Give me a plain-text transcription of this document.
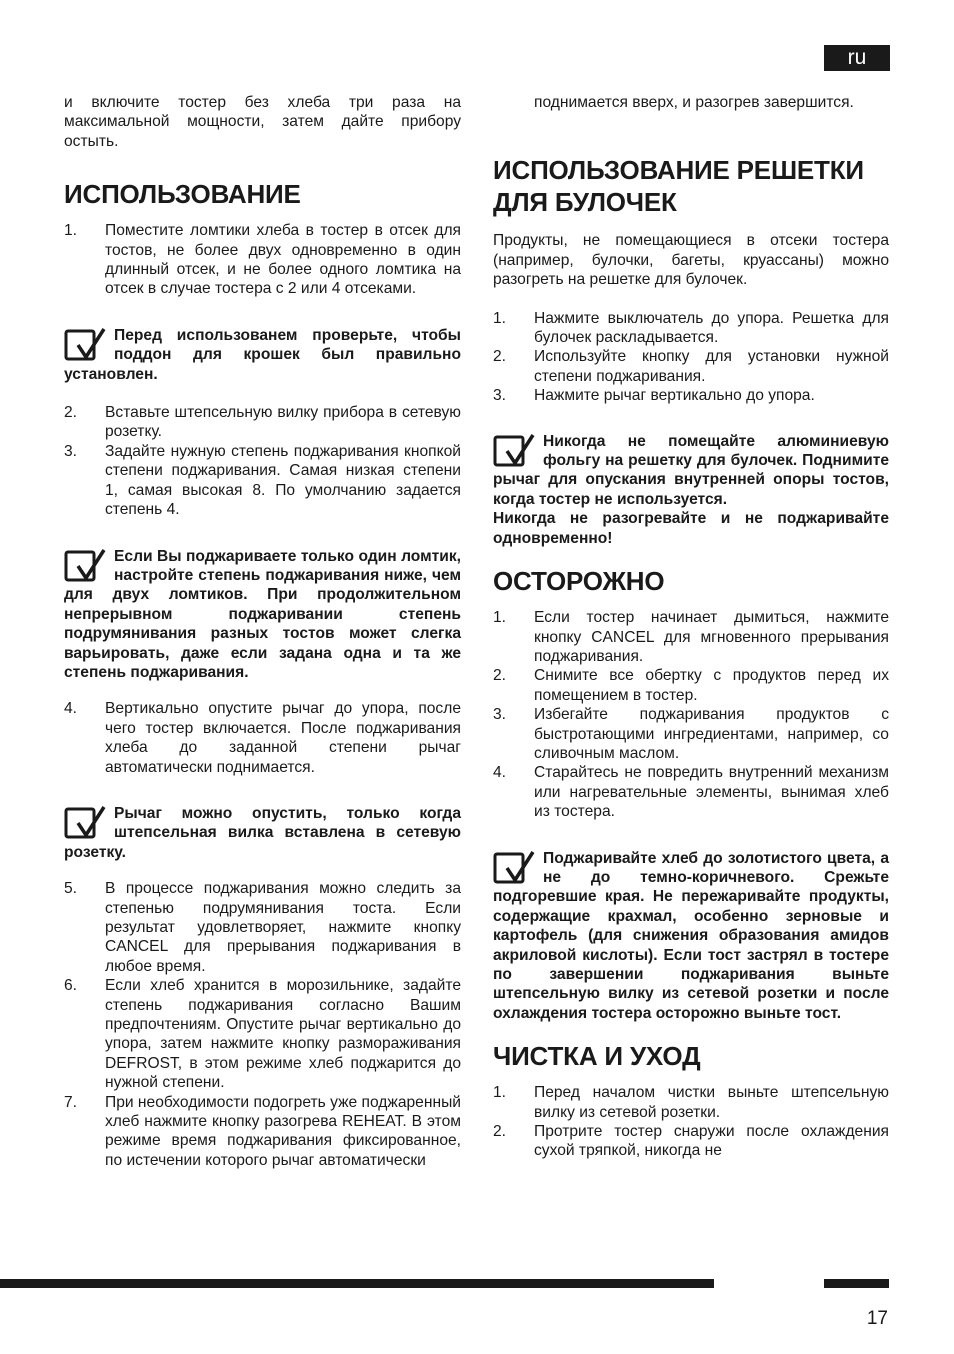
ru

и включите тостер без хлеба три раза на максимальной мощности, затем дайте прибору остыть.

ИСПОЛЬЗОВАНИЕ
1. Поместите ломтики хлеба в тостер в отсек для тостов, не более двух одновременно в один длинный отсек, и не более одного ломтика на отсек в случае тостера с 2 или 4 отсеками.
Перед использованем проверьте, чтобы поддон для крошек был правильно установлен.
2. Вставьте штепсельную вилку прибора в сетевую розетку.
3. Задайте нужную степень поджаривания кнопкой степени поджаривания. Самая низкая степени 1, самая высокая 8. По умолчанию задается степень 4.
Если Вы поджариваете только один ломтик, настройте степень поджаривания ниже, чем для двух ломтиков. При продолжительном непрерывном поджаривании степень подрумянивания разных тостов может слегка варьировать, даже если задана одна и та же степень поджаривания.
4. Вертикально опустите рычаг до упора, после чего тостер включается. После поджаривания хлеба до заданной степени рычаг автоматически поднимается.
Рычаг можно опустить, только когда штепсельная вилка вставлена в сетевую розетку.
5. В процессе поджаривания можно следить за степенью подрумянивания тоста. Если результат удовлетворяет, нажмите кнопку CANCEL для прерывания поджаривания в любое время.
6. Если хлеб хранится в морозильнике, задайте степень поджаривания согласно Вашим предпочтениям. Опустите рычаг вертикально до упора, затем нажмите кнопку размораживания DEFROST, в этом режиме хлеб поджарится до нужной степени.
7. При необходимости подогреть уже поджаренный хлеб нажмите кнопку разогрева REHEAT. В этом режиме время поджаривания фиксированное, по истечении которого рычаг автоматически

поднимается вверх, и разогрев завершится.

ИСПОЛЬЗОВАНИЕ РЕШЕТКИ ДЛЯ БУЛОЧЕК

Продукты, не помещающиеся в отсеки тостера (например, булочки, багеты, круассаны) можно разогреть на решетке для булочек.

1. Нажмите выключатель до упора. Решетка для булочек раскладывается.
2. Используйте кнопку для установки нужной степени поджаривания.
3. Нажмите рычаг вертикально до упора.
Никогда не помещайте алюминиевую фольгу на решетку для булочек. Поднимите рычаг для опускания внутренней опоры тостов, когда тостер не используется.

Никогда не разогревайте и не поджаривайте одновременно!

ОСТОРОЖНО
1. Если тостер начинает дымиться, нажмите кнопку CANCEL для мгновенного прерывания поджаривания.
2. Снимите все обертку с продуктов перед их помещением в тостер.
3. Избегайте поджаривания продуктов с быстротающими ингредиентами, например, со сливочным маслом.
4. Старайтесь не повредить внутренний механизм или нагревательные элементы, вынимая хлеб из тостера.
Поджаривайте хлеб до золотистого цвета, а не до темно-коричневого. Срежьте подгоревшие края. Не пережаривайте продукты, содержащие крахмал, особенно зерновые и картофель (для снижения образования амидов акриловой кислоты). Если тост застрял в тостере по завершении поджаривания выньте штепсельную вилку из сетевой розетки и после охлаждения тостера осторожно выньте тост.
ЧИСТКА И УХОД
1. Перед началом чистки выньте штепсельную вилку из сетевой розетки.
2. Протрите тостер снаружи после охлаждения сухой тряпкой, никогда не
17
